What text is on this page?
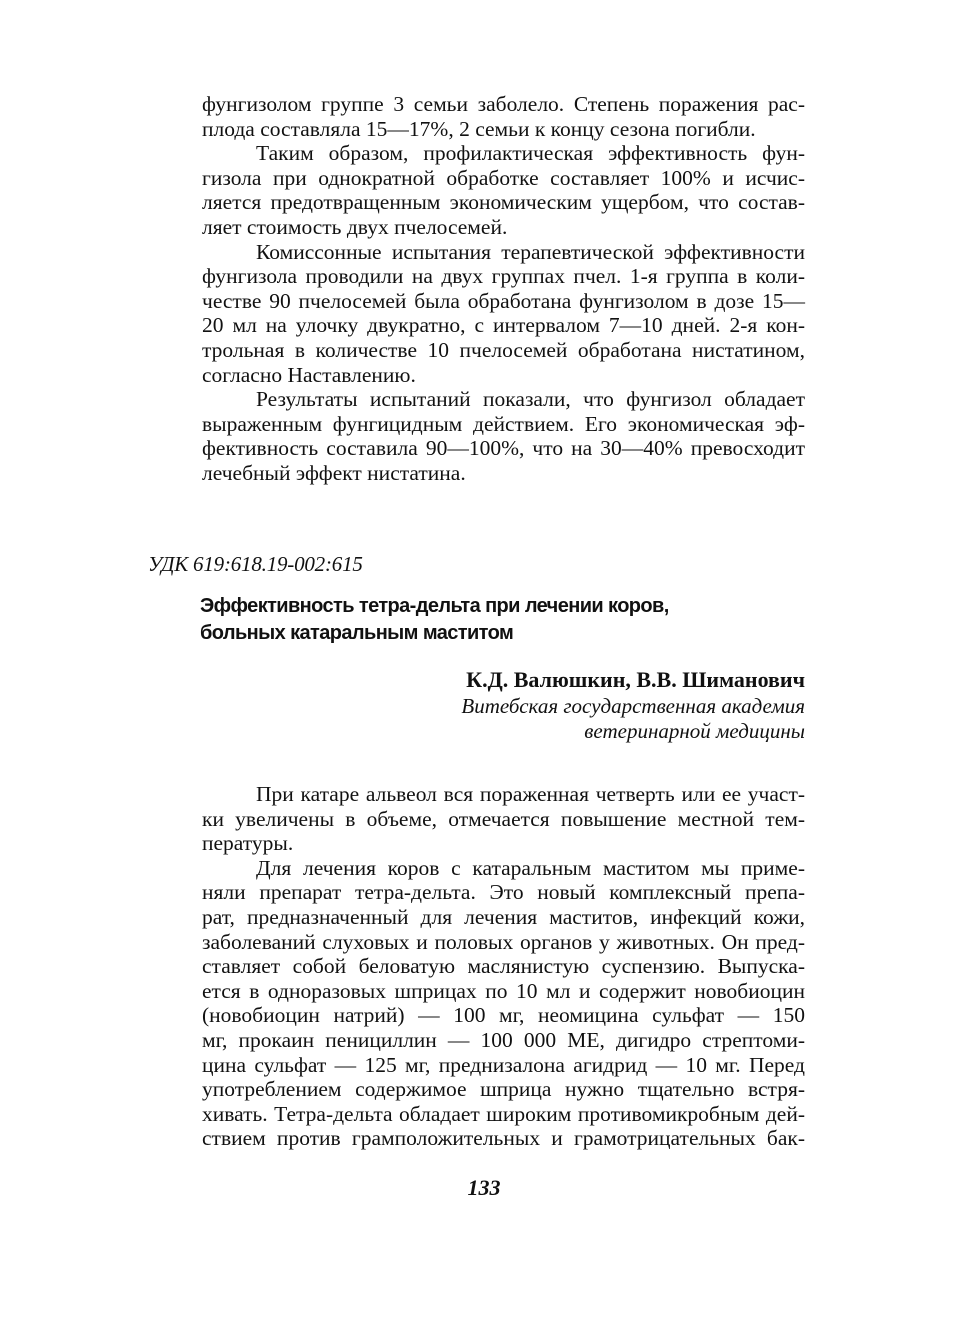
фунгизолом группе 3 семьи заболело. Степень поражения рас-
плода составляла 15—17%, 2 семьи к концу сезона погибли.
Таким образом, профилактическая эффективность фун-
гизола при однократной обработке составляет 100% и исчис-
ляется предотвращенным экономическим ущербом, что состав-
ляет стоимость двух пчелосемей.
Комиссонные испытания терапевтической эффективности
фунгизола проводили на двух группах пчел. 1-я группа в коли-
честве 90 пчелосемей была обработана фунгизолом в дозе 15—
20 мл на улочку двукратно, с интервалом 7—10 дней. 2-я кон-
трольная в количестве 10 пчелосемей обработана нистатином,
согласно Наставлению.
Результаты испытаний показали, что фунгизол обладает
выраженным фунгицидным действием. Его экономическая эф-
фективность составила 90—100%, что на 30—40% превосходит
лечебный эффект нистатина.
УДК 619:618.19-002:615
Эффективность тетра-дельта при лечении коров,
больных катаральным маститом
К.Д. Валюшкин, В.В. Шиманович
Витебская государственная академия
ветеринарной медицины
При катаре альвеол вся пораженная четверть или ее участ-
ки увеличены в объеме, отмечается повышение местной тем-
пературы.
Для лечения коров с катаральным маститом мы приме-
няли препарат тетра-дельта. Это новый комплексный препа-
рат, предназначенный для лечения маститов, инфекций кожи,
заболеваний слуховых и половых органов у животных. Он пред-
ставляет собой беловатую маслянистую суспензию. Выпуска-
ется в одноразовых шприцах по 10 мл и содержит новобиоцин
(новобиоцин натрий) — 100 мг, неомицина сульфат — 150
мг, прокаин пенициллин — 100 000 МЕ, дигидро стрептоми-
цина сульфат — 125 мг, преднизалона агидрид — 10 мг. Перед
употреблением содержимое шприца нужно тщательно встря-
хивать. Тетра-дельта обладает широким противомикробным дей-
ствием против грамположительных и грамотрицательных бак-
133
